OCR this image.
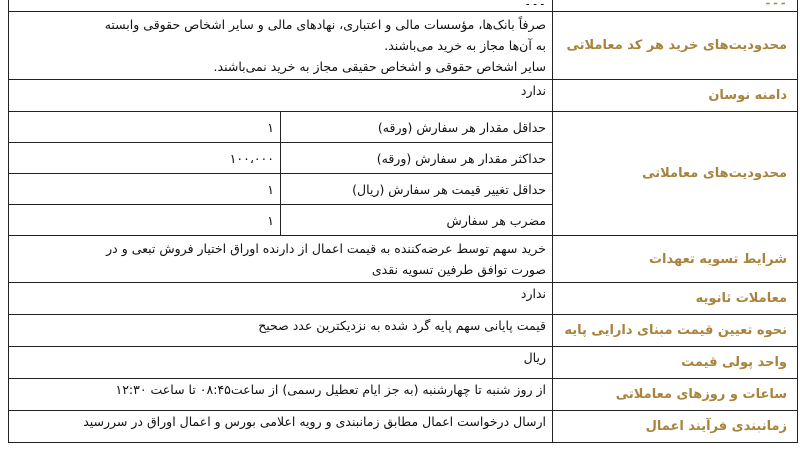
۔۔۔	۔۔۔	
محدودیت‌های خرید هر کد معاملاتی	صرفاً بانک‌ها، مؤسسات مالی و اعتباری، نهادهای مالی و سایر اشخاص حقوقی وابسته
به آن‌ها مجاز به خرید می‌باشند.
سایر اشخاص حقوقی و اشخاص حقیقی مجاز به خرید نمی‌باشند.	

دامنه نوسان	ندارد	
محدودیت‌های معاملاتی	حداقل مقدار هر سفارش (ورقه)	۱
	حداکثر مقدار هر سفارش (ورقه)	۱۰۰،۰۰۰
	حداقل تغییر قیمت هر سفارش (ریال)	۱
	مضرب هر سفارش	۱
شرایط تسویه تعهدات	خرید سهم توسط عرضه‌کننده به قیمت اعمال از دارنده اوراق اختیار فروش تبعی و در
صورت توافق طرفین تسویه نقدی	

معاملات ثانویه	ندارد	
نحوه تعیین قیمت مبنای دارایی پایه	قیمت پایانی سهم پایه گرد شده به نزدیکترین عدد صحیح	
واحد پولی قیمت	ریال	
ساعات و روزهای معاملاتی	از روز شنبه تا چهارشنبه (به جز ایام تعطیل رسمی) از ساعت۰۸:۴۵ تا ساعت ۱۲:۳۰	
زمانبندی فرآیند اعمال	ارسال درخواست اعمال مطابق زمانبندی و رویه اعلامی بورس و اعمال اوراق در سررسید	
